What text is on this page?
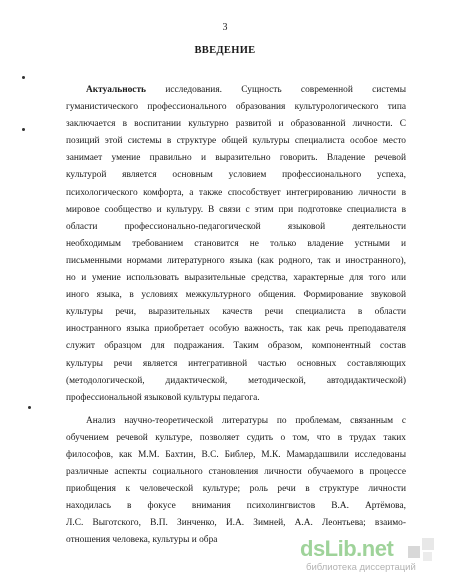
3
ВВЕДЕНИЕ
Актуальность исследования. Сущность современной системы
гуманистического профессионального образования культурологического типа
заключается в воспитании культурно развитой и образованной личности. С
позиций этой системы в структуре общей культуры специалиста особое место
занимает умение правильно и выразительно говорить. Владение речевой
культурой является основным условием профессионального успеха,
психологического комфорта, а также способствует интегрированию личности в
мировое сообщество и культуру. В связи с этим при подготовке специалиста в
области профессионально-педагогической языковой деятельности
необходимым требованием становится не только владение устными и
письменными нормами литературного языка (как родного, так и иностранного),
но и умение использовать выразительные средства, характерные для того или
иного языка, в условиях межкультурного общения. Формирование звуковой
культуры речи, выразительных качеств речи специалиста в области
иностранного языка приобретает особую важность, так как речь преподавателя
служит образцом для подражания. Таким образом, компонентный состав
культуры речи является интегративной частью основных составляющих
(методологической, дидактической, методической, автодидактической)
профессиональной языковой культуры педагога.
Анализ научно-теоретической литературы по проблемам, связанным с
обучением речевой культуре, позволяет судить о том, что в трудах таких
философов, как М.М. Бахтин, В.С. Библер, М.К. Мамардашвили исследованы
различные аспекты социального становления личности обучаемого в процессе
приобщения к человеческой культуре; роль речи в структуре личности
находилась в фокусе внимания психолингвистов В.А. Артёмова,
Л.С. Выготского, В.П. Зинченко, И.А. Зимней, А.А. Леонтьева; взаимо-
отношения человека, культуры и обра	dsLib.net
библиотека диссертаций
